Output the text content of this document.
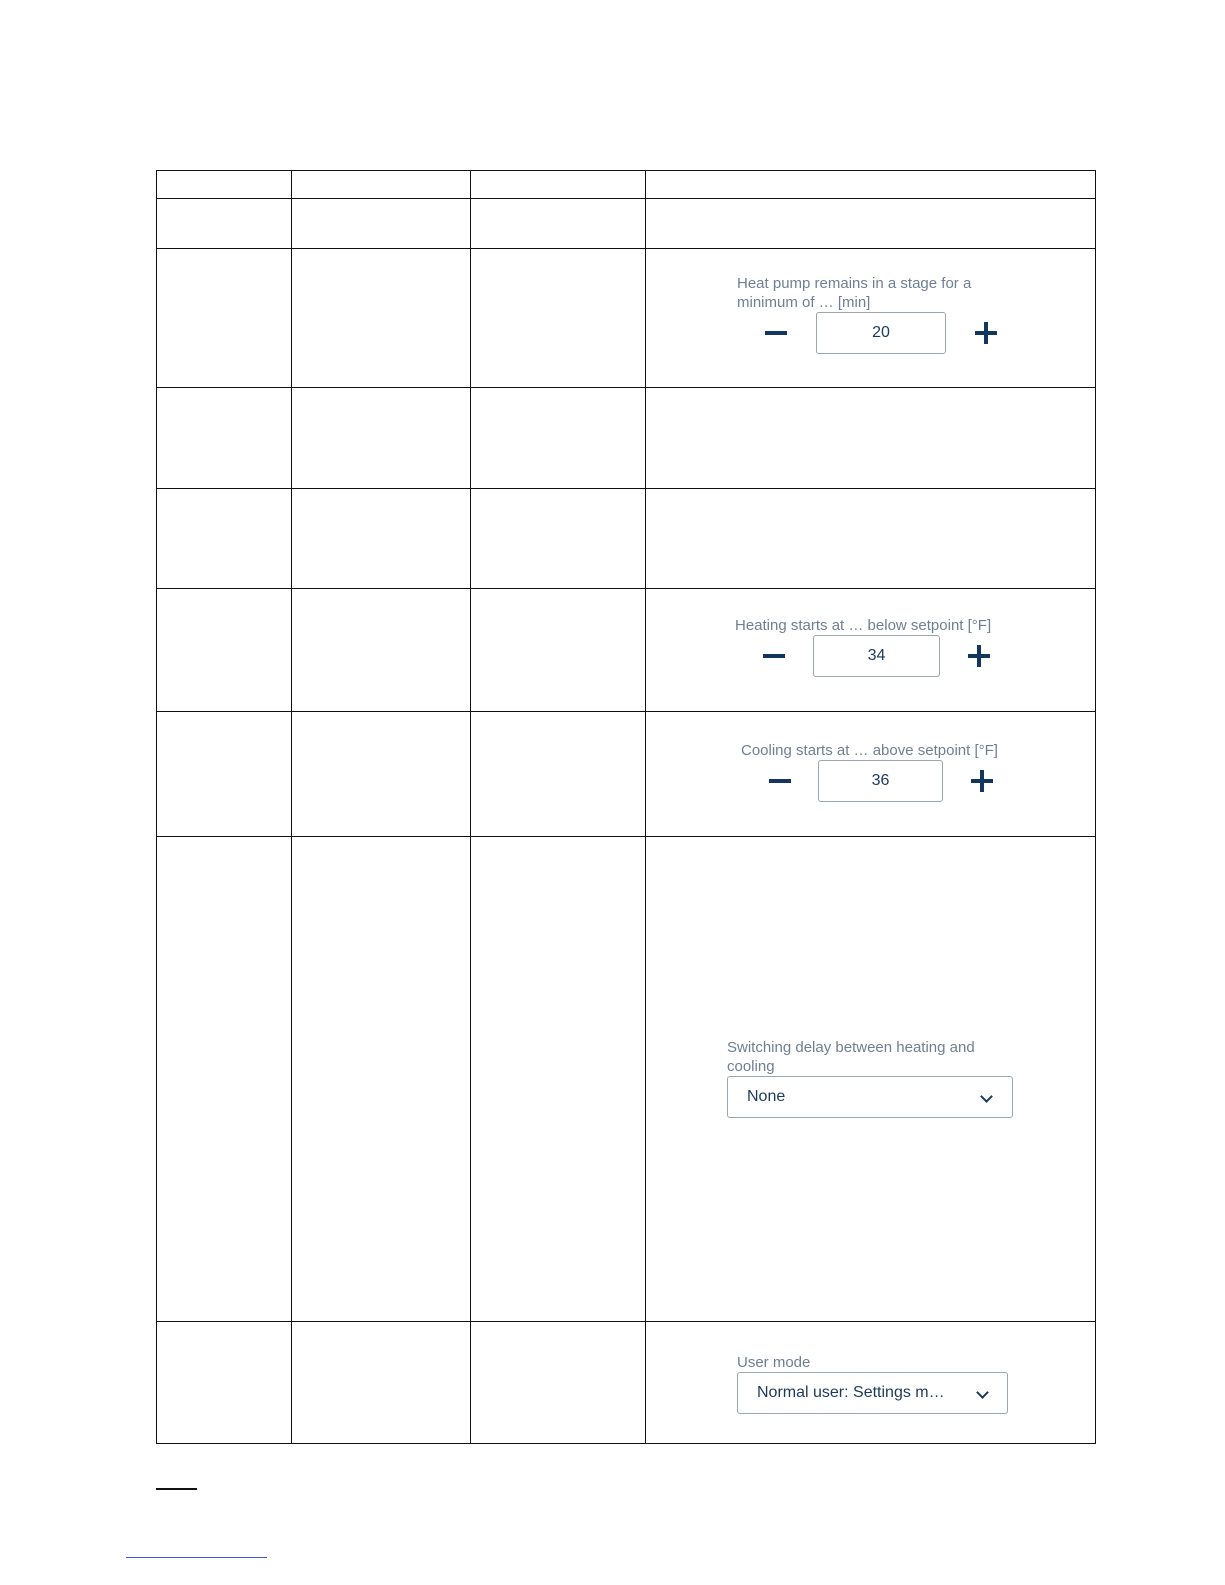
Heat pump remains in a stage for a minimum of … [min]
20
Heating starts at … below setpoint [°F]
34
Cooling starts at … above setpoint [°F]
36
Switching delay between heating and cooling
None
User mode
Normal user: Settings m…
